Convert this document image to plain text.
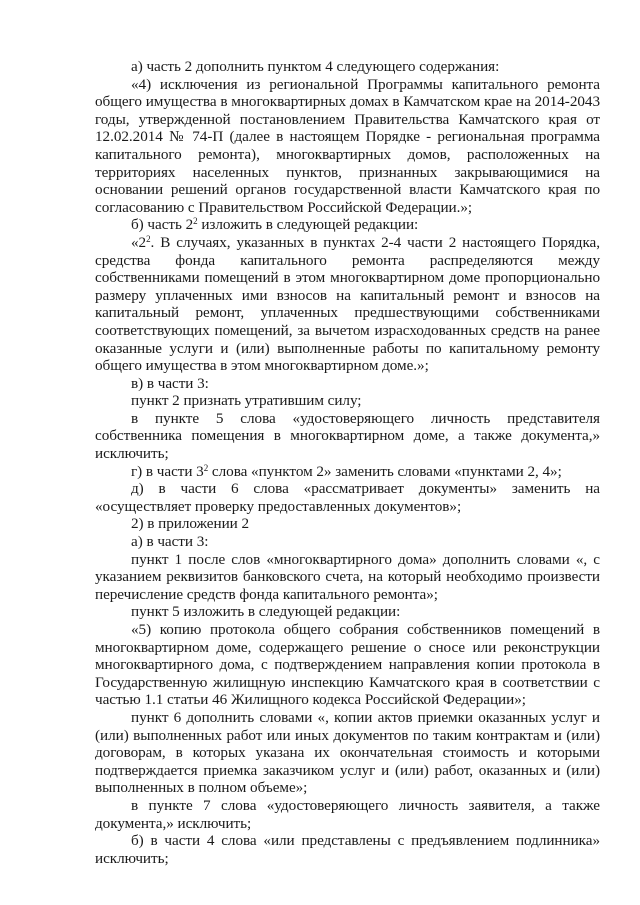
а) часть 2 дополнить пунктом 4 следующего содержания:

«4) исключения из региональной Программы капитального ремонта общего имущества в многоквартирных домах в Камчатском крае на 2014-2043 годы, утвержденной постановлением Правительства Камчатского края от 12.02.2014 № 74-П (далее в настоящем Порядке - региональная программа капитального ремонта), многоквартирных домов, расположенных на территориях населенных пунктов, признанных закрывающимися на основании решений органов государственной власти Камчатского края по согласованию с Правительством Российской Федерации.»;

б) часть $2^2$ изложить в следующей редакции:

«$2^2$. В случаях, указанных в пунктах 2-4 части 2 настоящего Порядка, средства фонда капитального ремонта распределяются между собственниками помещений в этом многоквартирном доме пропорционально размеру уплаченных ими взносов на капитальный ремонт и взносов на капитальный ремонт, уплаченных предшествующими собственниками соответствующих помещений, за вычетом израсходованных средств на ранее оказанные услуги и (или) выполненные работы по капитальному ремонту общего имущества в этом многоквартирном доме.»;

в) в части 3:

пункт 2 признать утратившим силу;

в пункте 5 слова «удостоверяющего личность представителя собственника помещения в многоквартирном доме, а также документа,» исключить;

г) в части $3^2$ слова «пунктом 2» заменить словами «пунктами 2, 4»;

д) в части 6 слова «рассматривает документы» заменить на «осуществляет проверку предоставленных документов»;

2) в приложении 2

а) в части 3:

пункт 1 после слов «многоквартирного дома» дополнить словами «, с указанием реквизитов банковского счета, на который необходимо произвести перечисление средств фонда капитального ремонта»;

пункт 5 изложить в следующей редакции:

«5) копию протокола общего собрания собственников помещений в многоквартирном доме, содержащего решение о сносе или реконструкции многоквартирного дома, с подтверждением направления копии протокола в Государственную жилищную инспекцию Камчатского края в соответствии с частью 1.1 статьи 46 Жилищного кодекса Российской Федерации»;

пункт 6 дополнить словами «, копии актов приемки оказанных услуг и (или) выполненных работ или иных документов по таким контрактам и (или) договорам, в которых указана их окончательная стоимость и которыми подтверждается приемка заказчиком услуг и (или) работ, оказанных и (или) выполненных в полном объеме»;

в пункте 7 слова «удостоверяющего личность заявителя, а также документа,» исключить;

б) в части 4 слова «или представлены с предъявлением подлинника» исключить;
